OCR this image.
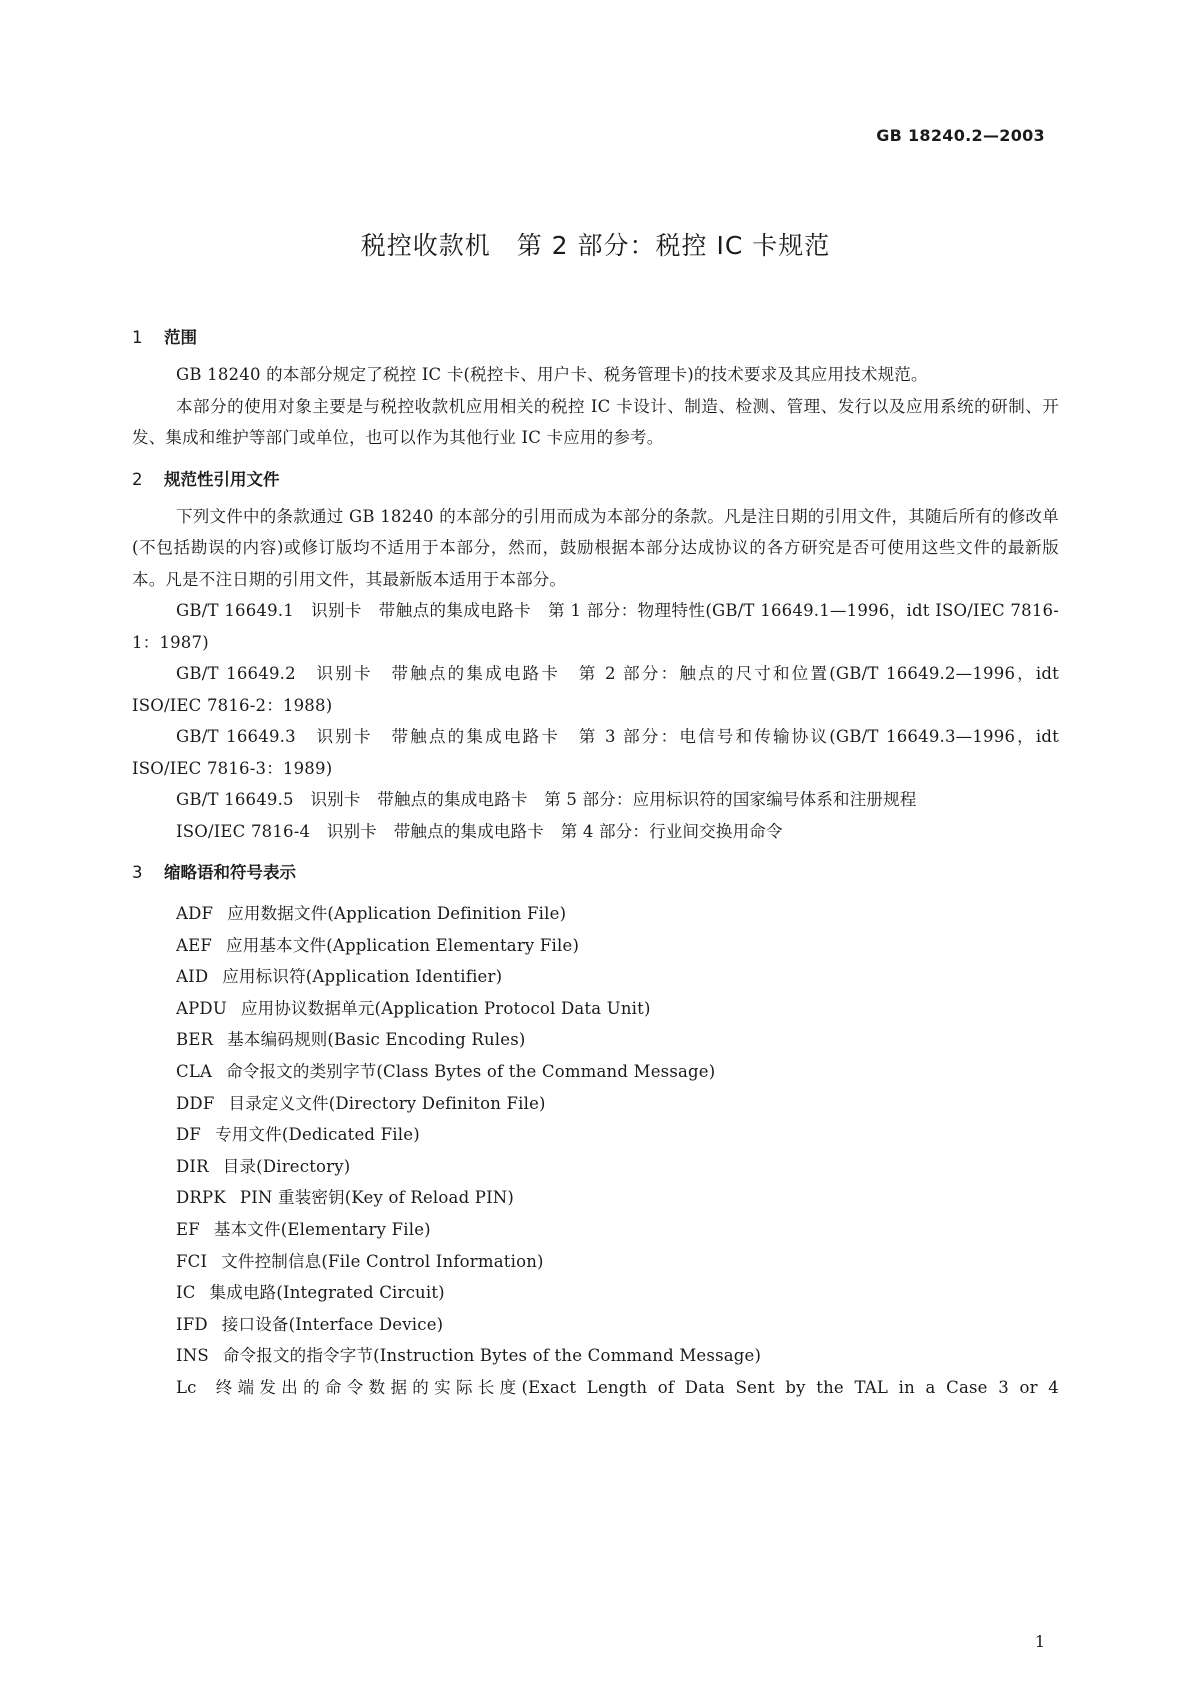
GB 18240.2—2003
税控收款机　第 2 部分：税控 IC 卡规范
1 范围

GB 18240 的本部分规定了税控 IC 卡(税控卡、用户卡、税务管理卡)的技术要求及其应用技术规范。

本部分的使用对象主要是与税控收款机应用相关的税控 IC 卡设计、制造、检测、管理、发行以及应用系统的研制、开发、集成和维护等部门或单位，也可以作为其他行业 IC 卡应用的参考。

2 规范性引用文件

下列文件中的条款通过 GB 18240 的本部分的引用而成为本部分的条款。凡是注日期的引用文件，其随后所有的修改单(不包括勘误的内容)或修订版均不适用于本部分，然而，鼓励根据本部分达成协议的各方研究是否可使用这些文件的最新版本。凡是不注日期的引用文件，其最新版本适用于本部分。

GB/T 16649.1　识别卡　带触点的集成电路卡　第 1 部分：物理特性(GB/T 16649.1—1996，idt ISO/IEC 7816-1：1987)

GB/T 16649.2　识别卡　带触点的集成电路卡　第 2 部分：触点的尺寸和位置(GB/T 16649.2—1996，idt ISO/IEC 7816-2：1988)

GB/T 16649.3　识别卡　带触点的集成电路卡　第 3 部分：电信号和传输协议(GB/T 16649.3—1996，idt ISO/IEC 7816-3：1989)

GB/T 16649.5　识别卡　带触点的集成电路卡　第 5 部分：应用标识符的国家编号体系和注册规程

ISO/IEC 7816-4　识别卡　带触点的集成电路卡　第 4 部分：行业间交换用命令

3 缩略语和符号表示
ADF 应用数据文件(Application Definition File)
AEF 应用基本文件(Application Elementary File)
AID 应用标识符(Application Identifier)
APDU 应用协议数据单元(Application Protocol Data Unit)
BER 基本编码规则(Basic Encoding Rules)
CLA 命令报文的类别字节(Class Bytes of the Command Message)
DDF 目录定义文件(Directory Definiton File)
DF 专用文件(Dedicated File)
DIR 目录(Directory)
DRPK PIN 重装密钥(Key of Reload PIN)
EF 基本文件(Elementary File)
FCI 文件控制信息(File Control Information)
IC 集成电路(Integrated Circuit)
IFD 接口设备(Interface Device)
INS 命令报文的指令字节(Instruction Bytes of the Command Message)
Lc 终端发出的命令数据的实际长度(Exact Length of Data Sent by the TAL in a Case 3 or 4
1
